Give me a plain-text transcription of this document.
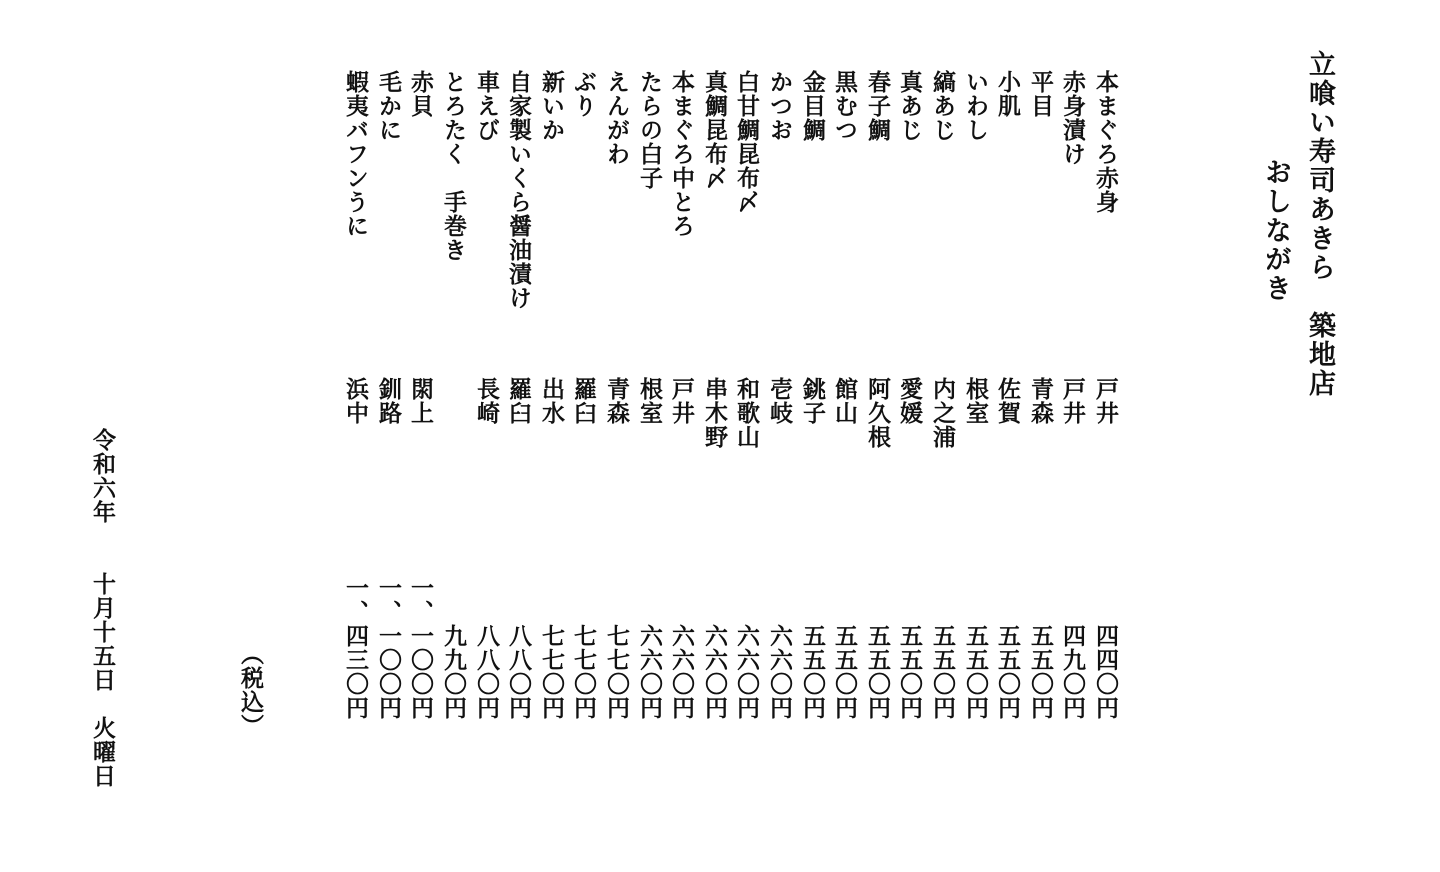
立喰い寿司あきら　築地店
おしながき
本まぐろ赤身
戸井
四四〇円
赤身漬け
戸井
四九〇円
平目
青森
五五〇円
小肌
佐賀
五五〇円
いわし
根室
五五〇円
縞あじ
内之浦
五五〇円
真あじ
愛媛
五五〇円
春子鯛
阿久根
五五〇円
黒むつ
館山
五五〇円
金目鯛
銚子
五五〇円
かつお
壱岐
六六〇円
白甘鯛昆布〆
和歌山
六六〇円
真鯛昆布〆
串木野
六六〇円
本まぐろ中とろ
戸井
六六〇円
たらの白子
根室
六六〇円
えんがわ
青森
七七〇円
ぶり
羅臼
七七〇円
新いか
出水
七七〇円
自家製いくら醤油漬け
羅臼
八八〇円
車えび
長崎
八八〇円
とろたく　手巻き
九九〇円
赤貝
閖上
一、一〇〇円
毛かに
釧路
一、一〇〇円
蝦夷バフンうに
浜中
一、四三〇円
（税込）
令和六年　　十月十五日　火曜日
